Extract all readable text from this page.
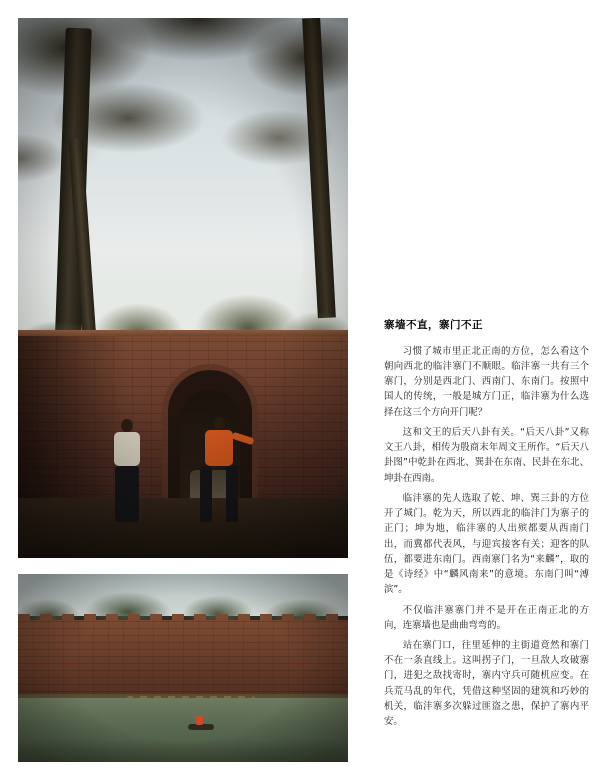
寨墙不直，寨门不正

习惯了城市里正北正南的方位，怎么看这个朝向西北的临沣寨门不顺眼。临沣寨一共有三个寨门，分别是西北门、西南门、东南门。按照中国人的传统，一般是城方门正，临沣寨为什么选择在这三个方向开门呢？

这和文王的后天八卦有关。“后天八卦”又称文王八卦，相传为殷商末年周文王所作。“后天八卦图”中乾卦在西北、巽卦在东南、民卦在东北、坤卦在西南。

临沣寨的先人选取了乾、坤、巽三卦的方位开了城门。乾为天，所以西北的临沣门为寨子的正门；坤为地，临沣寨的人出殡都要从西南门出，而冀都代表风，与迎宾接客有关；迎客的队伍，都要进东南门。西南寨门名为“来麟”，取的是《诗经》中“麟风南来”的意境。东南门叫“溥滨”。

不仅临沣寨寨门并不是开在正南正北的方向，连寨墙也是曲曲弯弯的。

站在寨门口，往里延伸的主街道竟然和寨门不在一条直线上。这叫拐子门，一旦敌人攻破寨门，进犯之敌找寄时，寨内守兵可随机应变。在兵荒马乱的年代，凭借这种坚固的建筑和巧妙的机关，临沣寨多次躲过匪盗之患，保护了寨内平安。
